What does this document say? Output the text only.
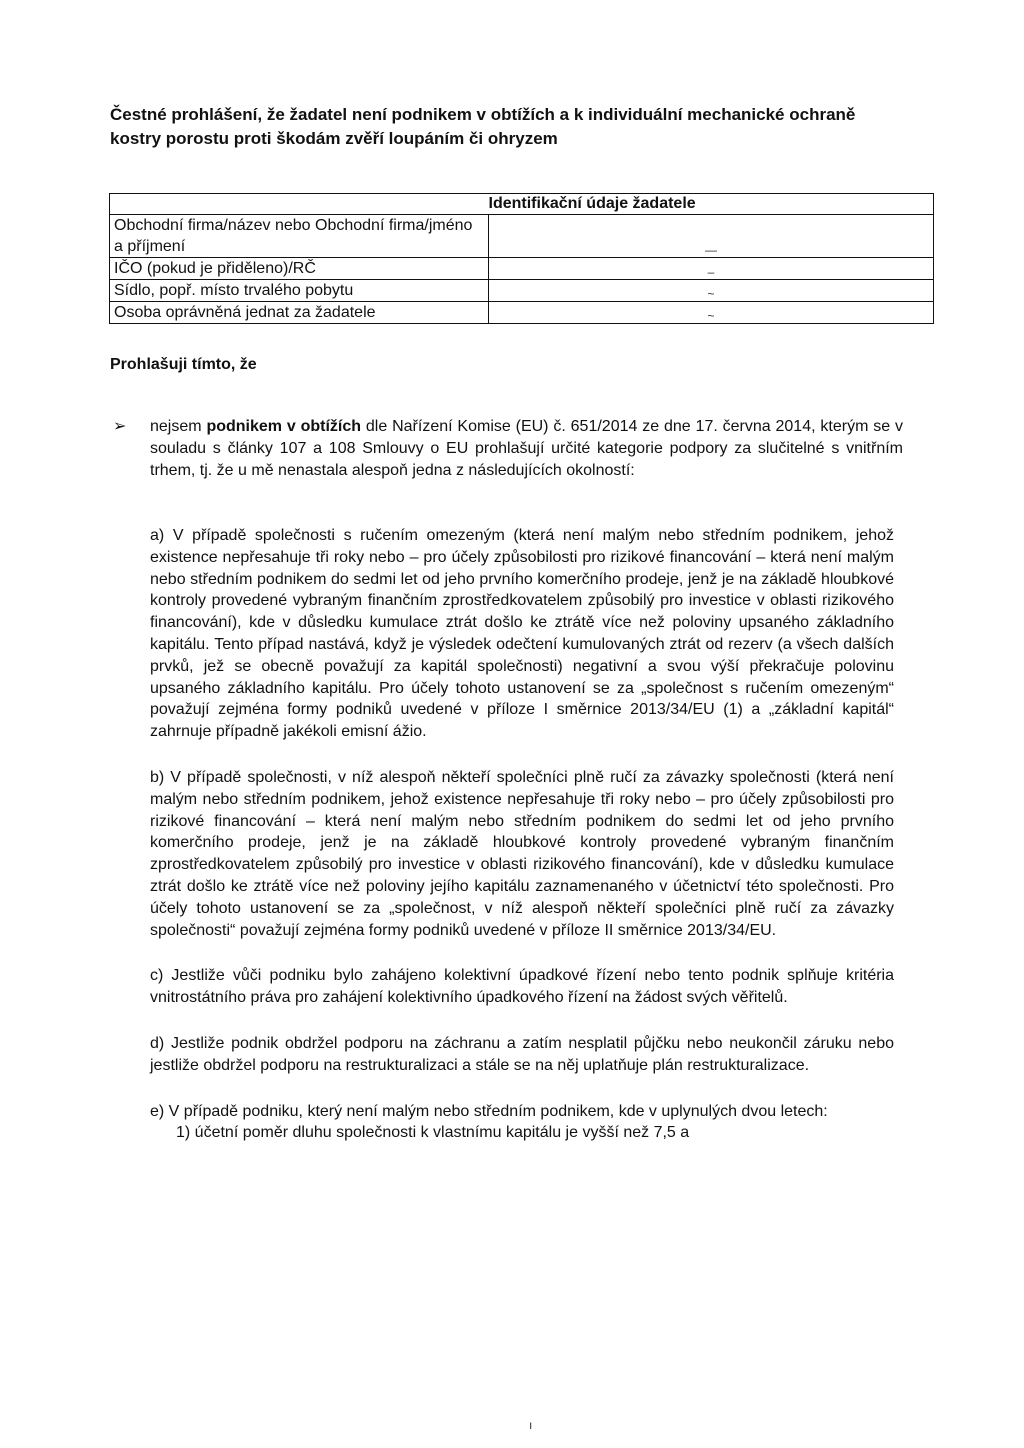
Čestné prohlášení, že žadatel není podnikem v obtížích a k individuální mechanické ochraně kostry porostu proti škodám zvěří loupáním či ohryzem
	Identifikační údaje žadatele
Obchodní firma/název nebo Obchodní firma/jméno a příjmení	—
IČO (pokud je přiděleno)/RČ	–
Sídlo, popř. místo trvalého pobytu	~
Osoba oprávněná jednat za žadatele	~
Prohlašuji tímto, že
➢ nejsem podnikem v obtížích dle Nařízení Komise (EU) č. 651/2014 ze dne 17. června 2014, kterým se v souladu s články 107 a 108 Smlouvy o EU prohlašují určité kategorie podpory za slučitelné s vnitřním trhem, tj. že u mě nenastala alespoň jedna z následujících okolností:

a) V případě společnosti s ručením omezeným (která není malým nebo středním podnikem, jehož existence nepřesahuje tři roky nebo – pro účely způsobilosti pro rizikové financování – která není malým nebo středním podnikem do sedmi let od jeho prvního komerčního prodeje, jenž je na základě hloubkové kontroly provedené vybraným finančním zprostředkovatelem způsobilý pro investice v oblasti rizikového financování), kde v důsledku kumulace ztrát došlo ke ztrátě více než poloviny upsaného základního kapitálu. Tento případ nastává, když je výsledek odečtení kumulovaných ztrát od rezerv (a všech dalších prvků, jež se obecně považují za kapitál společnosti) negativní a svou výší překračuje polovinu upsaného základního kapitálu. Pro účely tohoto ustanovení se za „společnost s ručením omezeným“ považují zejména formy podniků uvedené v příloze I směrnice 2013/34/EU (1) a „základní kapitál“ zahrnuje případně jakékoli emisní ážio.

b) V případě společnosti, v níž alespoň někteří společníci plně ručí za závazky společnosti (která není malým nebo středním podnikem, jehož existence nepřesahuje tři roky nebo – pro účely způsobilosti pro rizikové financování – která není malým nebo středním podnikem do sedmi let od jeho prvního komerčního prodeje, jenž je na základě hloubkové kontroly provedené vybraným finančním zprostředkovatelem způsobilý pro investice v oblasti rizikového financování), kde v důsledku kumulace ztrát došlo ke ztrátě více než poloviny jejího kapitálu zaznamenaného v účetnictví této společnosti. Pro účely tohoto ustanovení se za „společnost, v níž alespoň někteří společníci plně ručí za závazky společnosti“ považují zejména formy podniků uvedené v příloze II směrnice 2013/34/EU.

c) Jestliže vůči podniku bylo zahájeno kolektivní úpadkové řízení nebo tento podnik splňuje kritéria vnitrostátního práva pro zahájení kolektivního úpadkového řízení na žádost svých věřitelů.

d) Jestliže podnik obdržel podporu na záchranu a zatím nesplatil půjčku nebo neukončil záruku nebo jestliže obdržel podporu na restrukturalizaci a stále se na něj uplatňuje plán restrukturalizace.

e) V případě podniku, který není malým nebo středním podnikem, kde v uplynulých dvou letech:

1) účetní poměr dluhu společnosti k vlastnímu kapitálu je vyšší než 7,5 a

ı
